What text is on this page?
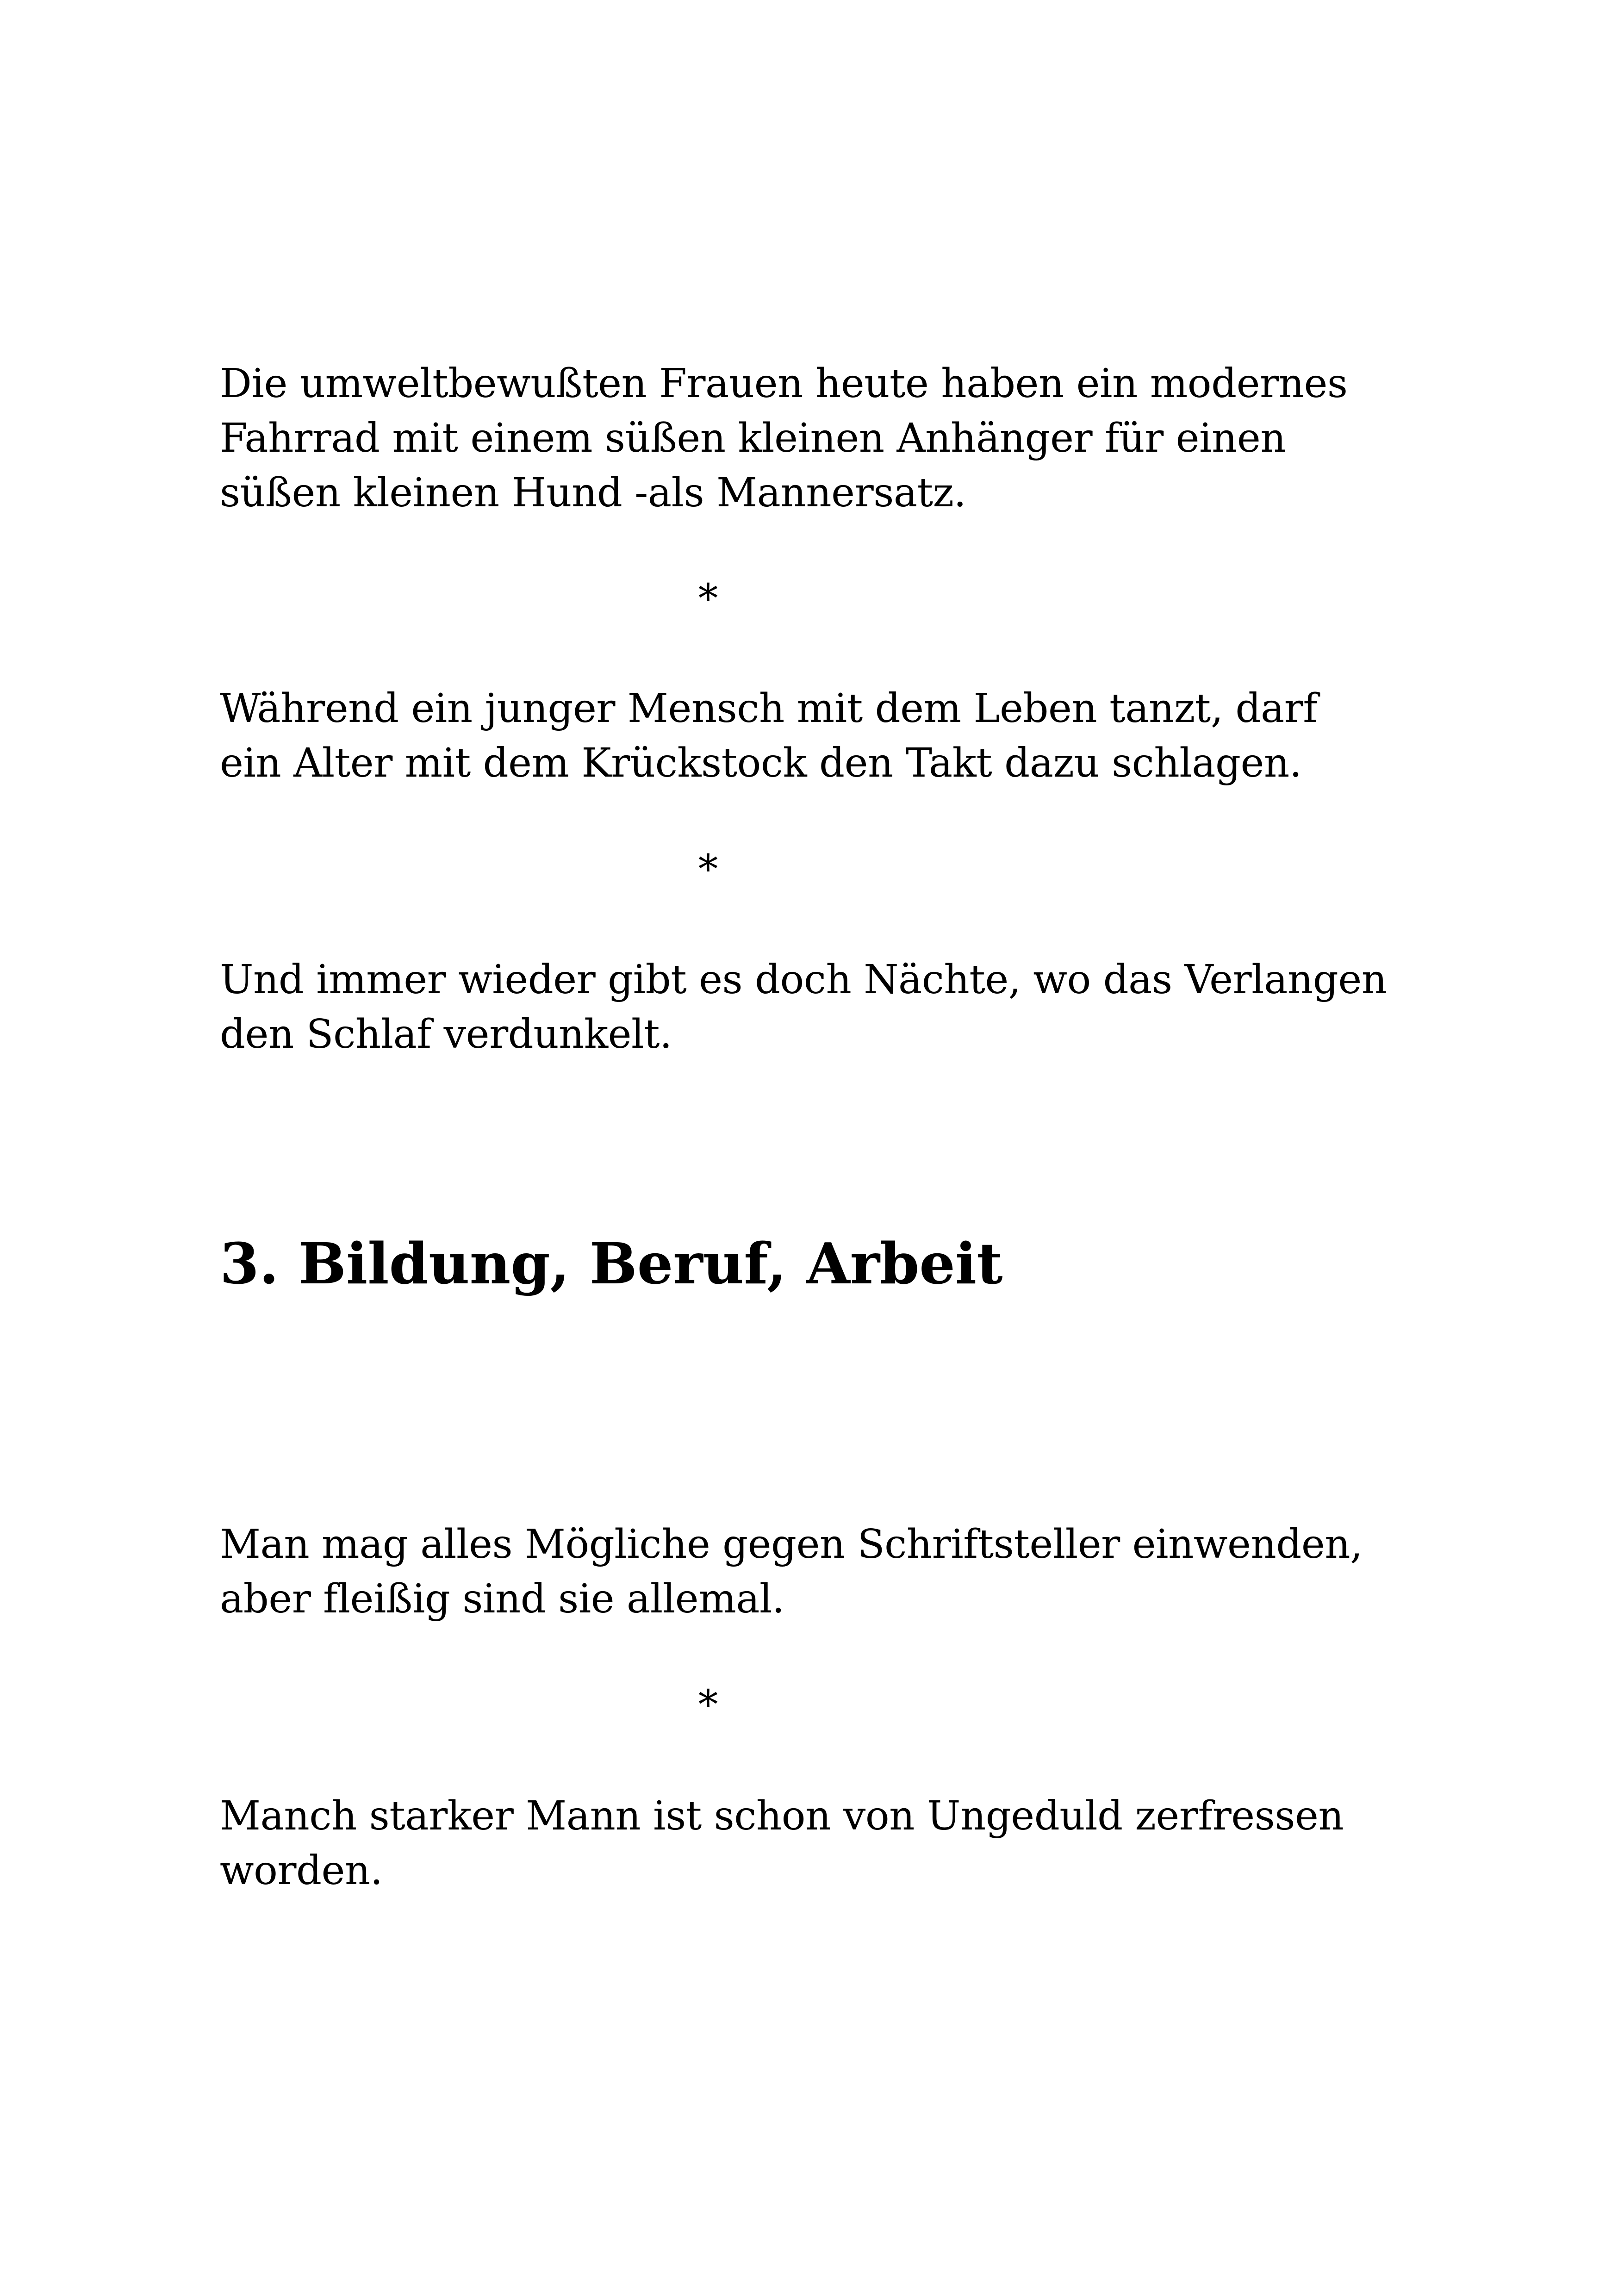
Die umweltbewußten Frauen heute haben ein modernes
Fahrrad mit einem süßen kleinen Anhänger für einen
süßen kleinen Hund -als Mannersatz.

*

Während ein junger Mensch mit dem Leben tanzt, darf
ein Alter mit dem Krückstock den Takt dazu schlagen.

*

Und immer wieder gibt es doch Nächte, wo das Verlangen
den Schlaf verdunkelt.

3. Bildung, Beruf, Arbeit

Man mag alles Mögliche gegen Schriftsteller einwenden,
aber fleißig sind sie allemal.

*

Manch starker Mann ist schon von Ungeduld zerfressen
worden.
